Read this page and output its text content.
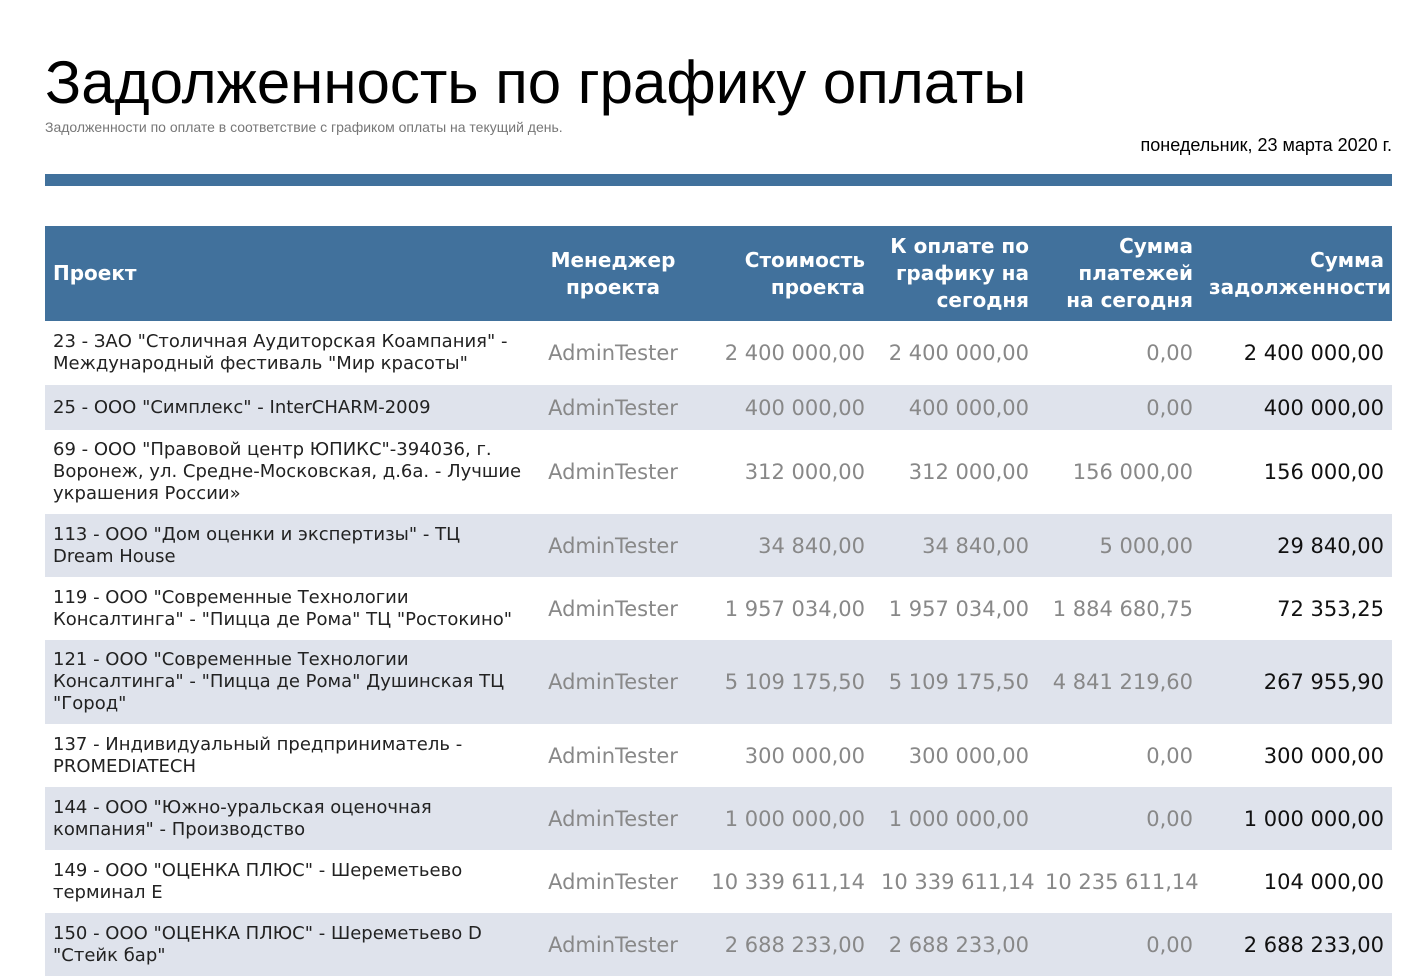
Задолженность по графику оплаты
Задолженности по оплате в соответствие с графиком оплаты на текущий день.
понедельник, 23 марта 2020 г.
Проект	Менеджер проекта	Стоимость проекта	К оплате по графику на сегодня	Сумма платежей на сегодня	Сумма задолженности
23 - ЗАО "Столичная Аудиторская Коампания" - Международный фестиваль "Мир красоты"	AdminTester	2 400 000,00	2 400 000,00	0,00	2 400 000,00
25 - ООО "Симплекс" - InterCHARM-2009	AdminTester	400 000,00	400 000,00	0,00	400 000,00
69 - ООО "Правовой центр ЮПИКС"-394036, г. Воронеж, ул. Средне-Московская, д.6а. - Лучшие украшения России»	AdminTester	312 000,00	312 000,00	156 000,00	156 000,00
113 - ООО "Дом оценки и экспертизы" - ТЦ Dream House	AdminTester	34 840,00	34 840,00	5 000,00	29 840,00
119 - ООО "Современные Технологии Консалтинга" - "Пицца де Рома" ТЦ "Ростокино"	AdminTester	1 957 034,00	1 957 034,00	1 884 680,75	72 353,25
121 - ООО "Современные Технологии Консалтинга" - "Пицца де Рома" Душинская ТЦ "Город"	AdminTester	5 109 175,50	5 109 175,50	4 841 219,60	267 955,90
137 - Индивидуальный предприниматель - PROMEDIATECH	AdminTester	300 000,00	300 000,00	0,00	300 000,00
144 - ООО "Южно-уральская оценочная компания" - Производство	AdminTester	1 000 000,00	1 000 000,00	0,00	1 000 000,00
149 - ООО "ОЦЕНКА ПЛЮС" - Шереметьево терминал E	AdminTester	10 339 611,14	10 339 611,14	10 235 611,14	104 000,00
150 - ООО "ОЦЕНКА ПЛЮС" - Шереметьево D "Стейк бар"	AdminTester	2 688 233,00	2 688 233,00	0,00	2 688 233,00
